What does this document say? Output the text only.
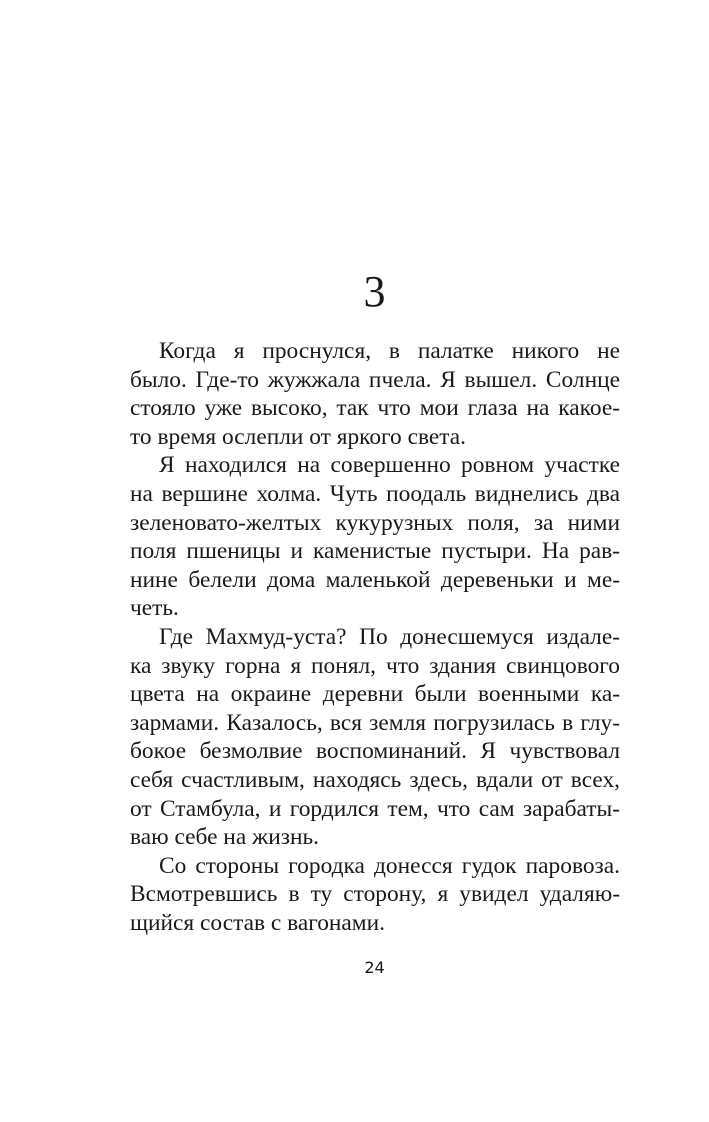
3

Когда я проснулся, в палатке никого не
было. Где-то жужжала пчела. Я вышел. Солнце
стояло уже высоко, так что мои глаза на какое-
то время ослепли от яркого света.

Я находился на совершенно ровном участке
на вершине холма. Чуть поодаль виднелись два
зеленовато-желтых кукурузных поля, за ними
поля пшеницы и каменистые пустыри. На рав-
нине белели дома маленькой деревеньки и ме-
четь.

Где Махмуд-уста? По донесшемуся издале-
ка звуку горна я понял, что здания свинцового
цвета на окраине деревни были военными ка-
зармами. Казалось, вся земля погрузилась в глу-
бокое безмолвие воспоминаний. Я чувствовал
себя счастливым, находясь здесь, вдали от всех,
от Стамбула, и гордился тем, что сам зарабаты-
ваю себе на жизнь.

Со стороны городка донесся гудок паровоза.
Всмотревшись в ту сторону, я увидел удаляю-
щийся состав с вагонами.

24
